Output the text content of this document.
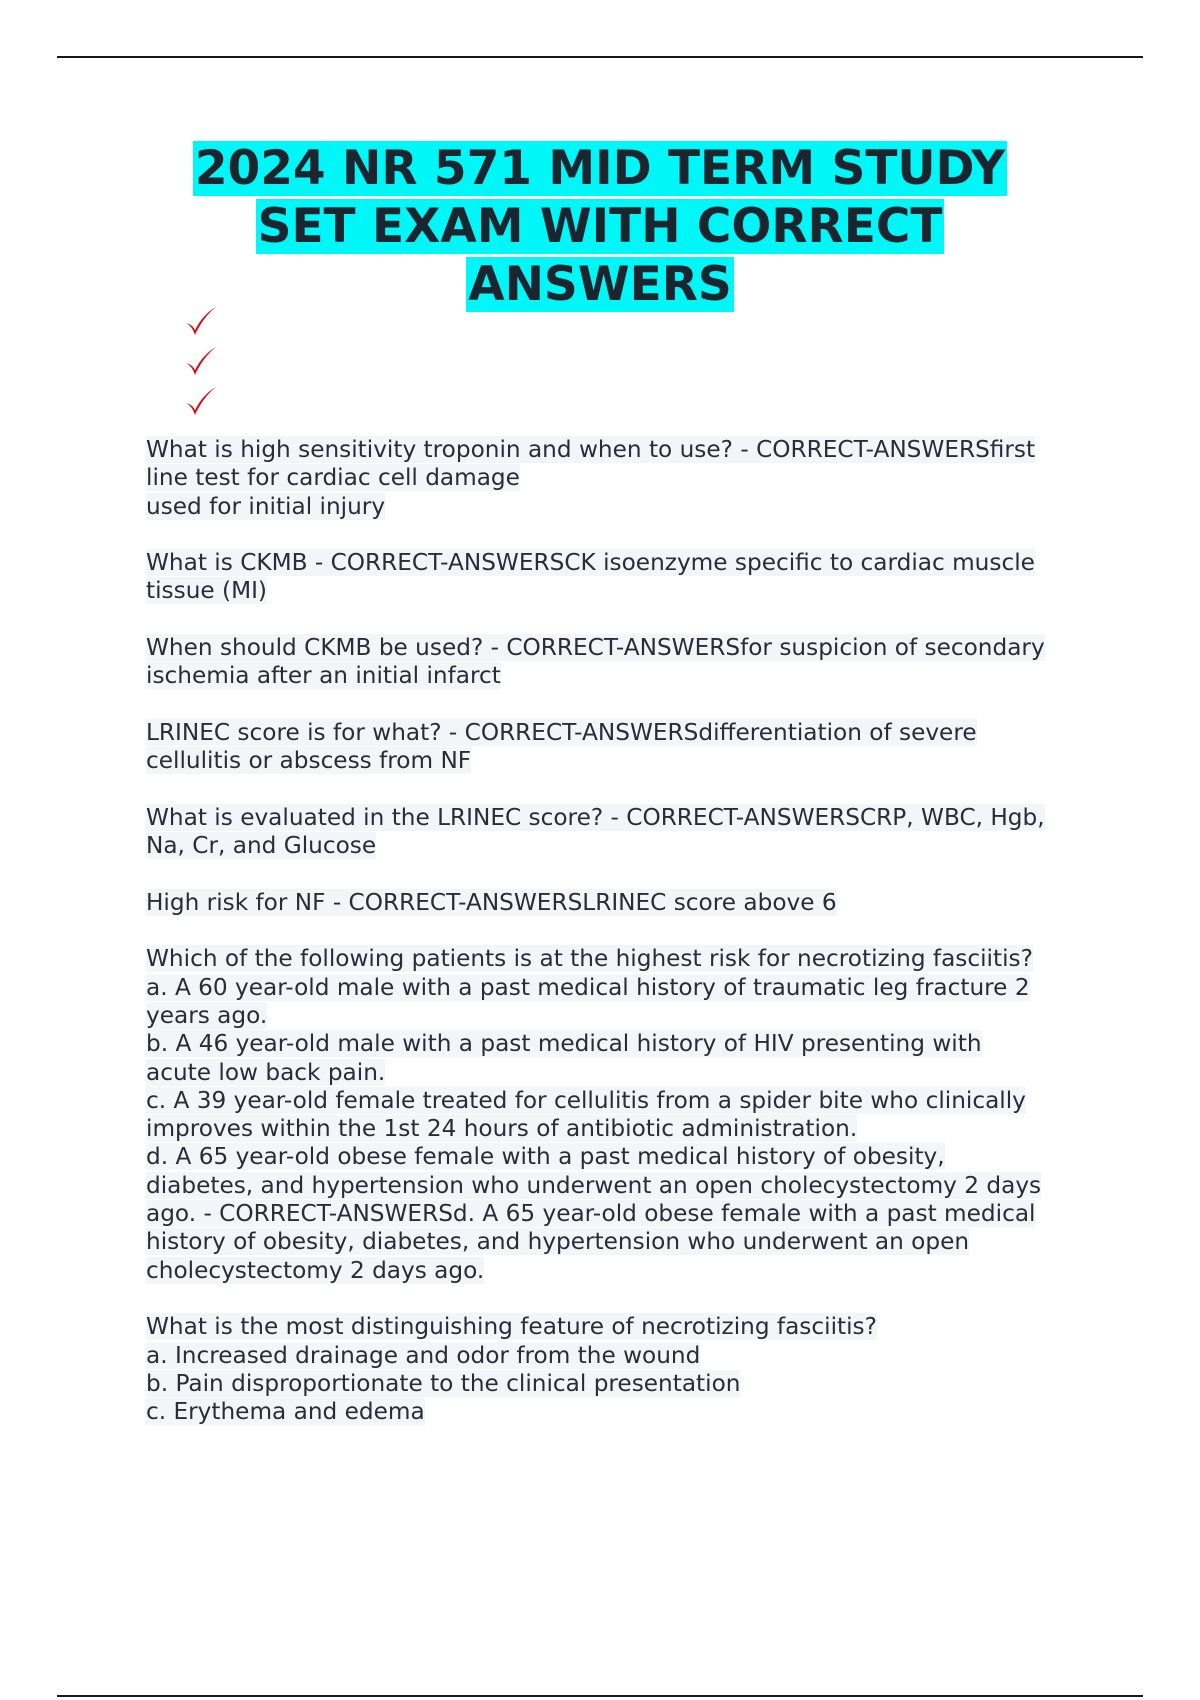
2024 NR 571 MID TERM STUDY
SET EXAM WITH CORRECT
ANSWERS
What is high sensitivity troponin and when to use? - CORRECT-ANSWERSfirst
line test for cardiac cell damage
used for initial injury
What is CKMB - CORRECT-ANSWERSCK isoenzyme specific to cardiac muscle
tissue (MI)
When should CKMB be used? - CORRECT-ANSWERSfor suspicion of secondary
ischemia after an initial infarct
LRINEC score is for what? - CORRECT-ANSWERSdifferentiation of severe
cellulitis or abscess from NF
What is evaluated in the LRINEC score? - CORRECT-ANSWERSCRP, WBC, Hgb,
Na, Cr, and Glucose
High risk for NF - CORRECT-ANSWERSLRINEC score above 6
Which of the following patients is at the highest risk for necrotizing fasciitis?
a. A 60 year-old male with a past medical history of traumatic leg fracture 2
years ago.
b. A 46 year-old male with a past medical history of HIV presenting with
acute low back pain.
c. A 39 year-old female treated for cellulitis from a spider bite who clinically
improves within the 1st 24 hours of antibiotic administration.
d. A 65 year-old obese female with a past medical history of obesity,
diabetes, and hypertension who underwent an open cholecystectomy 2 days
ago. - CORRECT-ANSWERSd. A 65 year-old obese female with a past medical
history of obesity, diabetes, and hypertension who underwent an open
cholecystectomy 2 days ago.
What is the most distinguishing feature of necrotizing fasciitis?
a. Increased drainage and odor from the wound
b. Pain disproportionate to the clinical presentation
c. Erythema and edema
